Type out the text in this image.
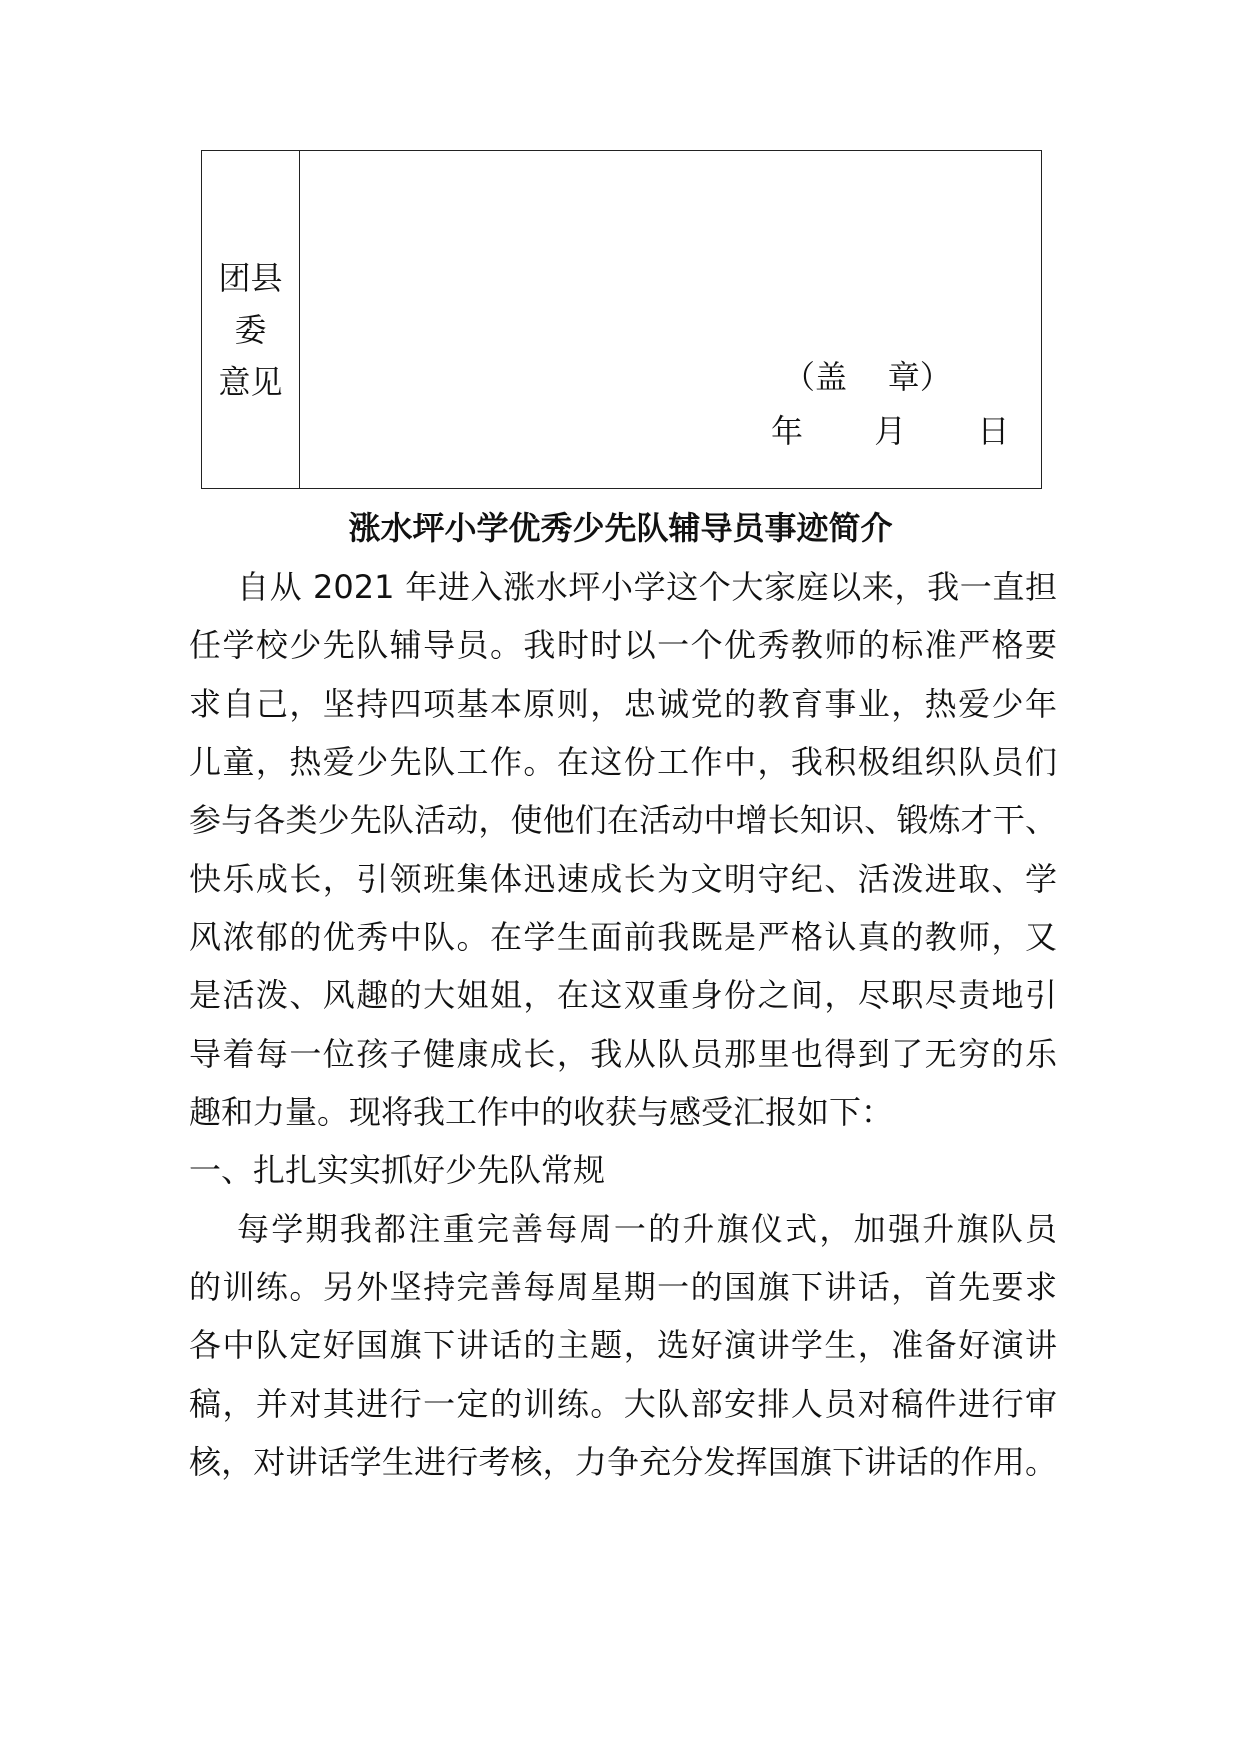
团县
委
意见	（盖    章）
年       月       日
涨水坪小学优秀少先队辅导员事迹简介
自从 2021 年进入涨水坪小学这个大家庭以来，我一直担
任学校少先队辅导员。我时时以一个优秀教师的标准严格要
求自己，坚持四项基本原则，忠诚党的教育事业，热爱少年
儿童，热爱少先队工作。在这份工作中，我积极组织队员们
参与各类少先队活动，使他们在活动中增长知识、锻炼才干、
快乐成长，引领班集体迅速成长为文明守纪、活泼进取、学
风浓郁的优秀中队。在学生面前我既是严格认真的教师，又
是活泼、风趣的大姐姐，在这双重身份之间，尽职尽责地引
导着每一位孩子健康成长，我从队员那里也得到了无穷的乐
趣和力量。现将我工作中的收获与感受汇报如下：
一、扎扎实实抓好少先队常规
每学期我都注重完善每周一的升旗仪式，加强升旗队员
的训练。另外坚持完善每周星期一的国旗下讲话，首先要求
各中队定好国旗下讲话的主题，选好演讲学生，准备好演讲
稿，并对其进行一定的训练。大队部安排人员对稿件进行审
核，对讲话学生进行考核，力争充分发挥国旗下讲话的作用。
